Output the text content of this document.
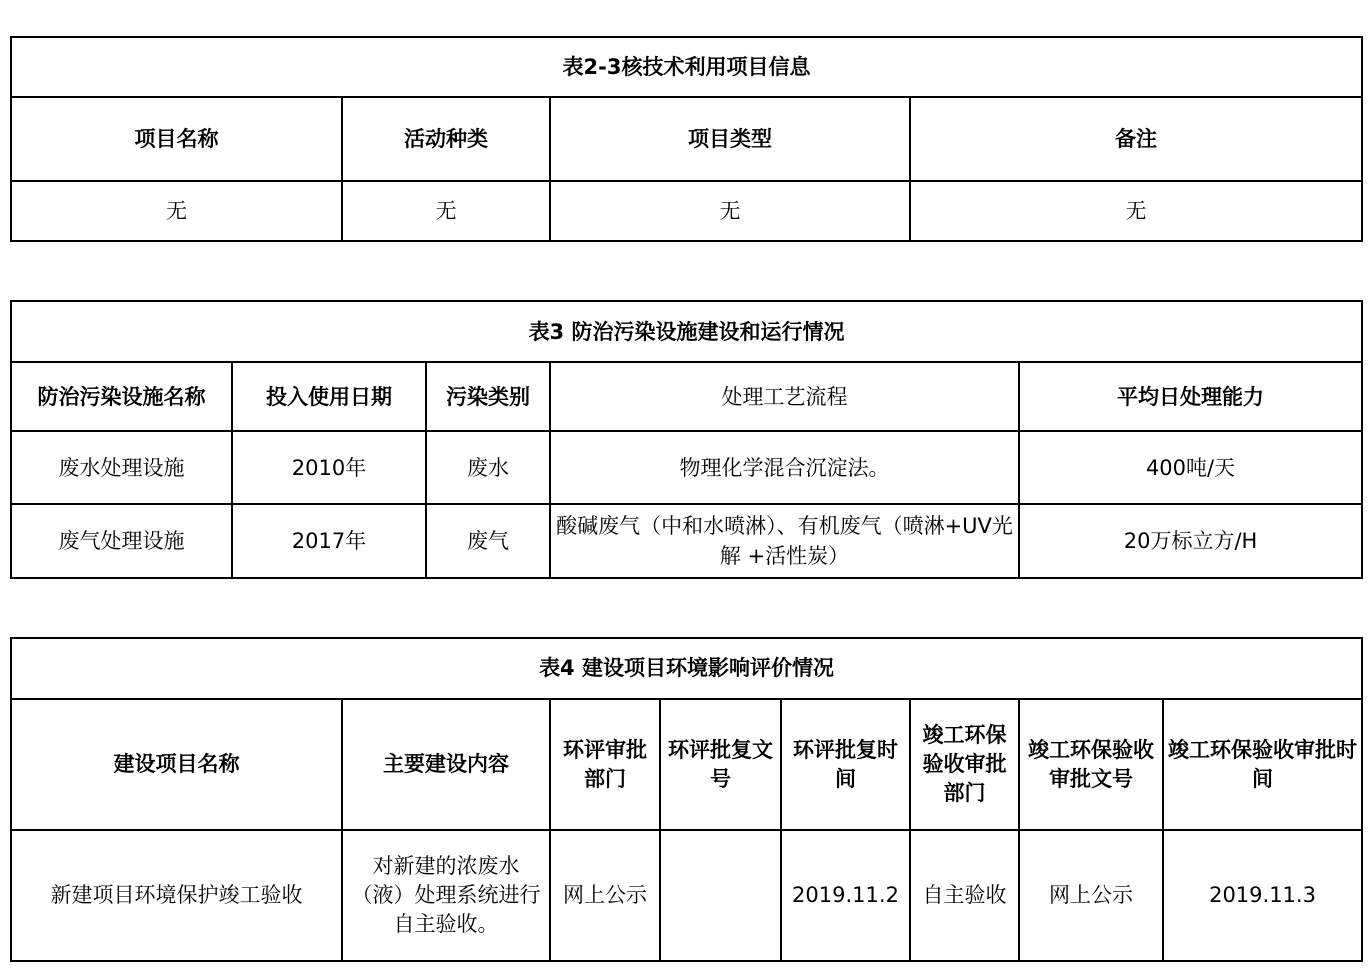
表2-3核技术利用项目信息			
项目名称	活动种类	项目类型	备注
无	无	无	无
表3 防治污染设施建设和运行情况				
防治污染设施名称	投入使用日期	污染类别	处理工艺流程	平均日处理能力
废水处理设施	2010年	废水	物理化学混合沉淀法。	400吨/天
废气处理设施	2017年	废气	酸碱废气（中和水喷淋）、有机废气（喷淋+UV光解 +活性炭）	20万标立方/H
表4 建设项目环境影响评价情况							
建设项目名称	主要建设内容	环评审批部门	环评批复文号	环评批复时间	竣工环保验收审批部门	竣工环保验收审批文号	竣工环保验收审批时间
新建项目环境保护竣工验收	对新建的浓废水（液）处理系统进行自主验收。	网上公示		2019.11.2	自主验收	网上公示	2019.11.3
